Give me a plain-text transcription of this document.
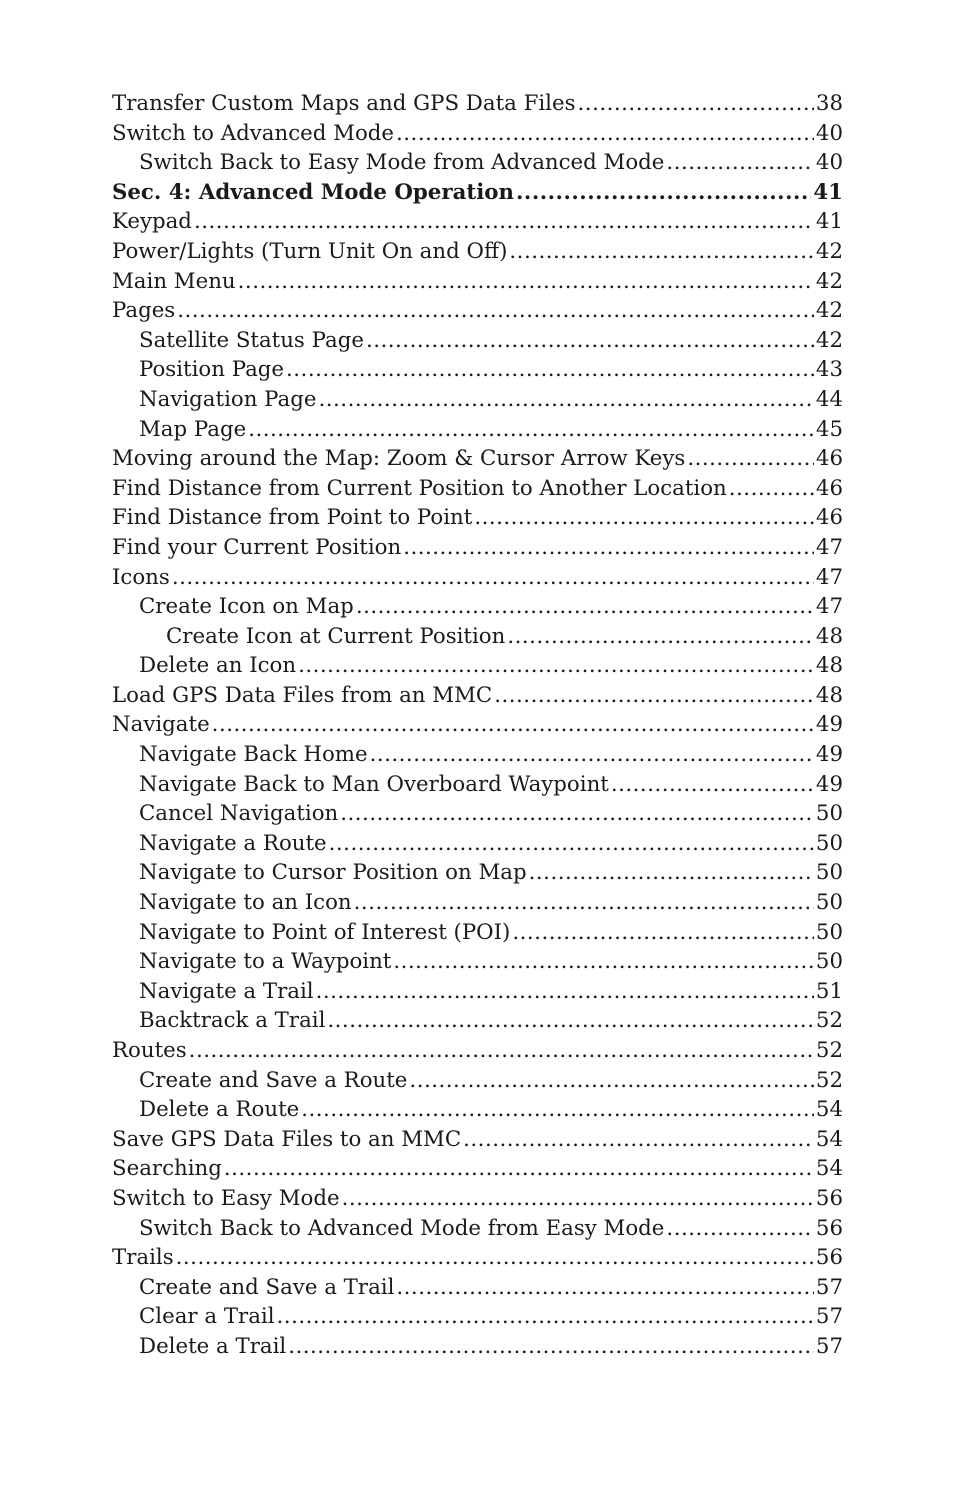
Transfer Custom Maps and GPS Data Files .....	38
Switch to Advanced Mode .....	40
Switch Back to Easy Mode from Advanced Mode .....	40
Sec. 4: Advanced Mode Operation .....	41
Keypad .....	41
Power/Lights (Turn Unit On and Off) .....	42
Main Menu .....	42
Pages .....	42
Satellite Status Page .....	42
Position Page .....	43
Navigation Page .....	44
Map Page .....	45
Moving around the Map: Zoom & Cursor Arrow Keys .....	46
Find Distance from Current Position to Another Location .....	46
Find Distance from Point to Point .....	46
Find your Current Position .....	47
Icons .....	47
Create Icon on Map .....	47
Create Icon at Current Position .....	48
Delete an Icon .....	48
Load GPS Data Files from an MMC .....	48
Navigate .....	49
Navigate Back Home .....	49
Navigate Back to Man Overboard Waypoint .....	49
Cancel Navigation .....	50
Navigate a Route .....	50
Navigate to Cursor Position on Map .....	50
Navigate to an Icon .....	50
Navigate to Point of Interest (POI) .....	50
Navigate to a Waypoint .....	50
Navigate a Trail .....	51
Backtrack a Trail .....	52
Routes .....	52
Create and Save a Route .....	52
Delete a Route .....	54
Save GPS Data Files to an MMC .....	54
Searching .....	54
Switch to Easy Mode .....	56
Switch Back to Advanced Mode from Easy Mode .....	56
Trails .....	56
Create and Save a Trail .....	57
Clear a Trail .....	57
Delete a Trail .....	57
